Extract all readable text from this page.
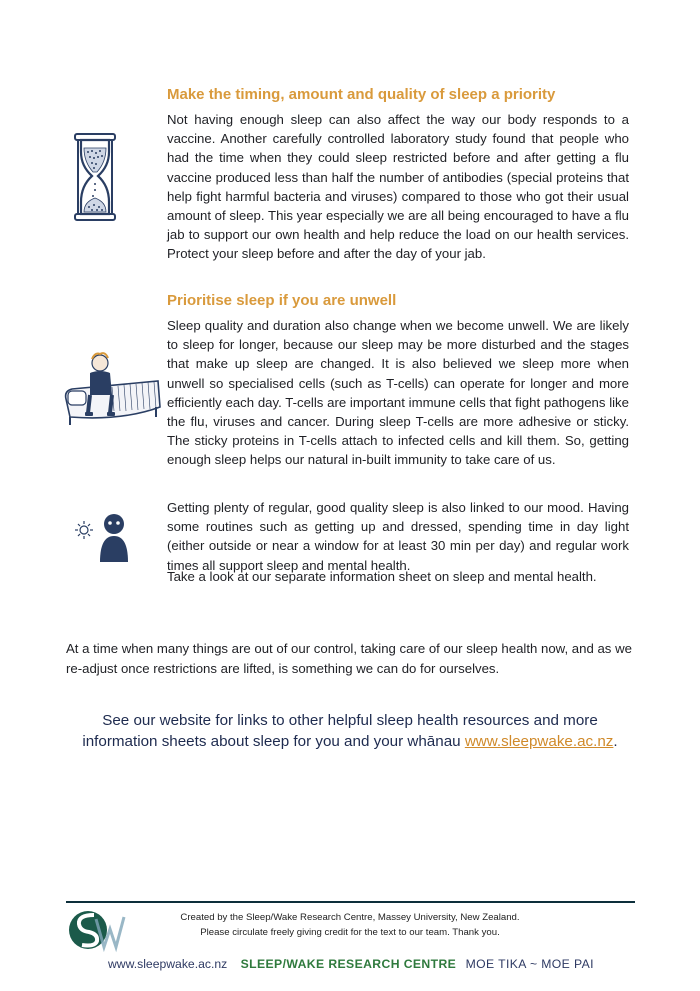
Make the timing, amount and quality of sleep a priority

Not having enough sleep can also affect the way our body responds to a vaccine. Another carefully controlled laboratory study found that people who had the time when they could sleep restricted before and after getting a flu vaccine produced less than half the number of antibodies (special proteins that help fight harmful bacteria and viruses) compared to those who got their usual amount of sleep. This year especially we are all being encouraged to have a flu jab to support our own health and help reduce the load on our health services. Protect your sleep before and after the day of your jab.

Prioritise sleep if you are unwell

Sleep quality and duration also change when we become unwell. We are likely to sleep for longer, because our sleep may be more disturbed and the stages that make up sleep are changed. It is also believed we sleep more when unwell so specialised cells (such as T-cells) can operate for longer and more efficiently each day. T-cells are important immune cells that fight pathogens like the flu, viruses and cancer. During sleep T-cells are more adhesive or sticky. The sticky proteins in T-cells attach to infected cells and kill them. So, getting enough sleep helps our natural in-built immunity to take care of us.

Getting plenty of regular, good quality sleep is also linked to our mood. Having some routines such as getting up and dressed, spending time in day light (either outside or near a window for at least 30 min per day) and regular work times all support sleep and mental health.

Take a look at our separate information sheet on sleep and mental health.

At a time when many things are out of our control, taking care of our sleep health now, and as we re-adjust once restrictions are lifted, is something we can do for ourselves.

See our website for links to other helpful sleep health resources and more
information sheets about sleep for you and your whānau www.sleepwake.ac.nz.

Created by the Sleep/Wake Research Centre, Massey University, New Zealand.
Please circulate freely giving credit for the text to our team. Thank you.
www.sleepwake.ac.nz SLEEP/WAKE RESEARCH CENTRE MOE TIKA ~ MOE PAI
